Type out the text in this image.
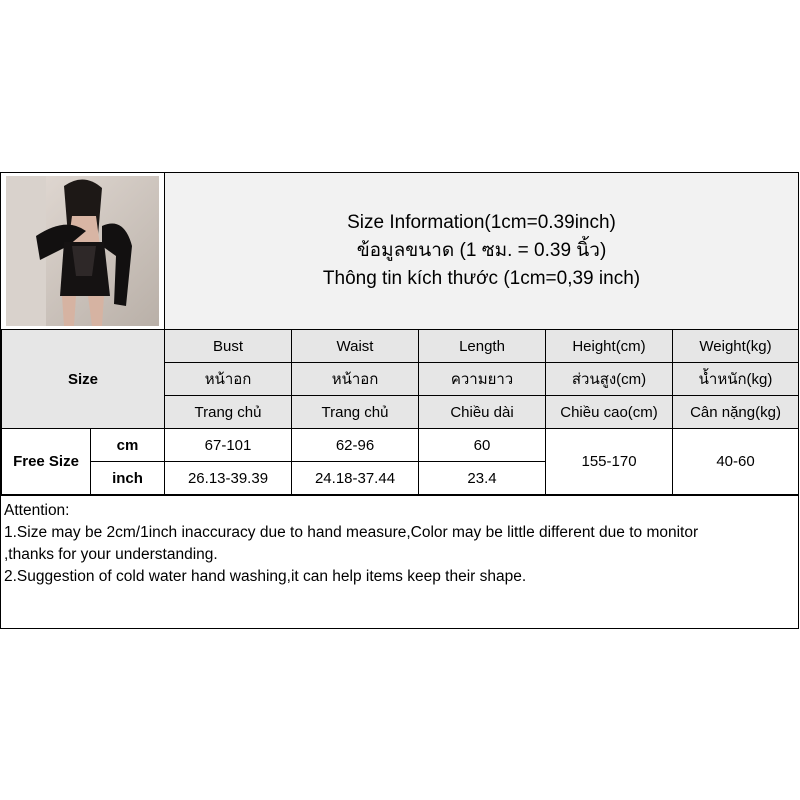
Size Information(1cm=0.39inch)
ข้อมูลขนาด (1 ซม. = 0.39 นิ้ว)
Thông tin kích thước (1cm=0,39 inch)
Size		Bust	Waist	Length	Height(cm)	Weight(kg)
		หน้าอก	หน้าอก	ความยาว	ส่วนสูง(cm)	น้ำหนัก(kg)
		Trang chủ	Trang chủ	Chiều dài	Chiều cao(cm)	Cân nặng(kg)
Free Size	cm	67-101	62-96	60	155-170	40-60
	inch	26.13-39.39	24.18-37.44	23.4		
Attention:
1.Size may be 2cm/1inch inaccuracy due to hand measure,Color may be little different due to monitor
,thanks for your understanding.
2.Suggestion of cold water hand washing,it can help items keep their shape.
